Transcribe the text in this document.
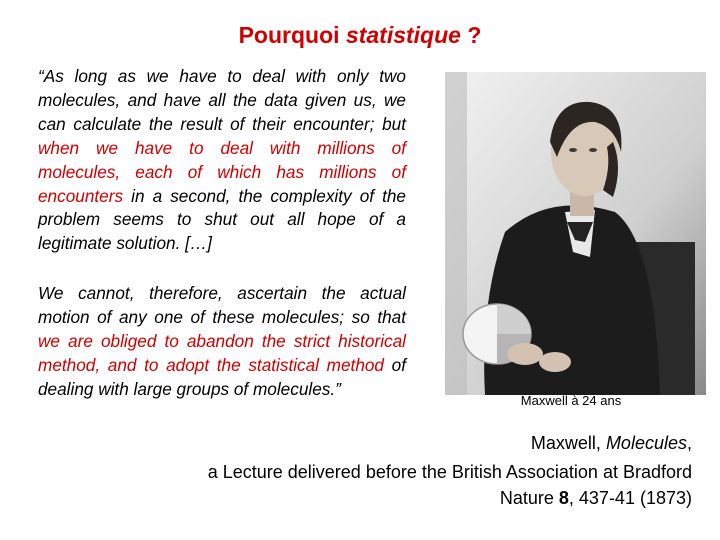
Pourquoi statistique ?

“As long as we have to deal with only two molecules, and have all the data given us, we can calculate the result of their encounter; but when we have to deal with millions of molecules, each of which has millions of encounters in a second, the complexity of the problem seems to shut out all hope of a legitimate solution. […]

We cannot, therefore, ascertain the actual motion of any one of these molecules; so that we are obliged to abandon the strict historical method, and to adopt the statistical method of dealing with large groups of molecules.”

Maxwell à 24 ans
Maxwell, Molecules,
a Lecture delivered before the British Association at Bradford
Nature 8, 437-41 (1873)
